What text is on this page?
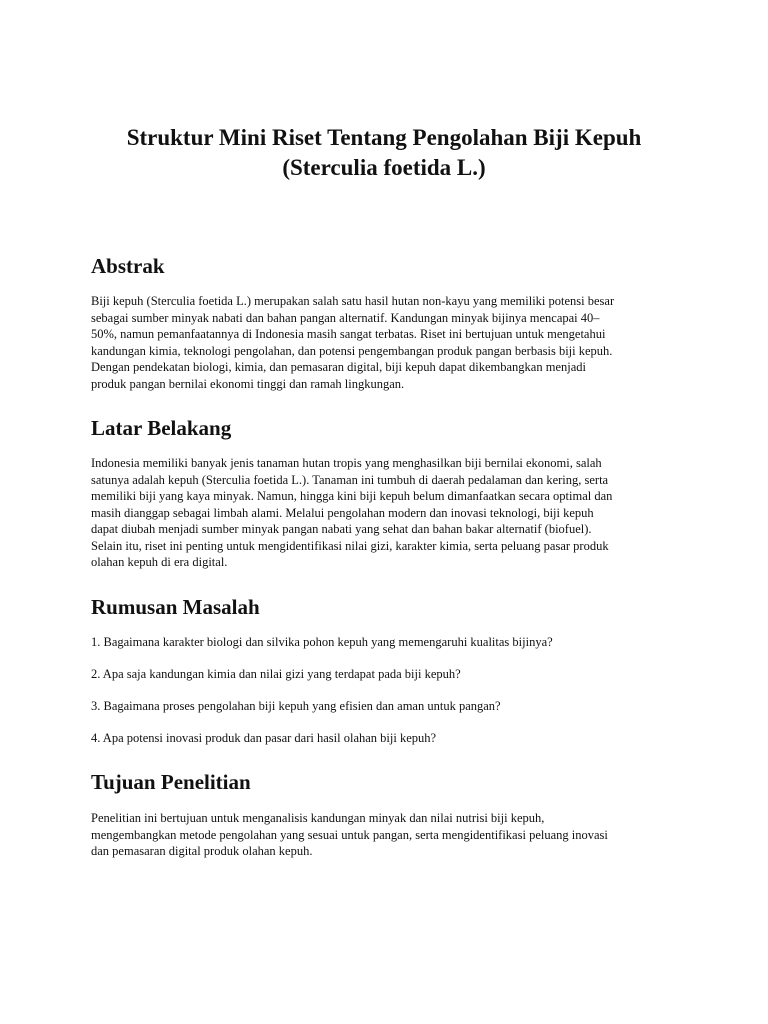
Struktur Mini Riset Tentang Pengolahan Biji Kepuh
(Sterculia foetida L.)
Abstrak
Biji kepuh (Sterculia foetida L.) merupakan salah satu hasil hutan non-kayu yang memiliki potensi besar
sebagai sumber minyak nabati dan bahan pangan alternatif. Kandungan minyak bijinya mencapai 40–
50%, namun pemanfaatannya di Indonesia masih sangat terbatas. Riset ini bertujuan untuk mengetahui
kandungan kimia, teknologi pengolahan, dan potensi pengembangan produk pangan berbasis biji kepuh.
Dengan pendekatan biologi, kimia, dan pemasaran digital, biji kepuh dapat dikembangkan menjadi
produk pangan bernilai ekonomi tinggi dan ramah lingkungan.
Latar Belakang
Indonesia memiliki banyak jenis tanaman hutan tropis yang menghasilkan biji bernilai ekonomi, salah
satunya adalah kepuh (Sterculia foetida L.). Tanaman ini tumbuh di daerah pedalaman dan kering, serta
memiliki biji yang kaya minyak. Namun, hingga kini biji kepuh belum dimanfaatkan secara optimal dan
masih dianggap sebagai limbah alami. Melalui pengolahan modern dan inovasi teknologi, biji kepuh
dapat diubah menjadi sumber minyak pangan nabati yang sehat dan bahan bakar alternatif (biofuel).
Selain itu, riset ini penting untuk mengidentifikasi nilai gizi, karakter kimia, serta peluang pasar produk
olahan kepuh di era digital.
Rumusan Masalah

1. Bagaimana karakter biologi dan silvika pohon kepuh yang memengaruhi kualitas bijinya?

2. Apa saja kandungan kimia dan nilai gizi yang terdapat pada biji kepuh?

3. Bagaimana proses pengolahan biji kepuh yang efisien dan aman untuk pangan?

4. Apa potensi inovasi produk dan pasar dari hasil olahan biji kepuh?

Tujuan Penelitian
Penelitian ini bertujuan untuk menganalisis kandungan minyak dan nilai nutrisi biji kepuh,
mengembangkan metode pengolahan yang sesuai untuk pangan, serta mengidentifikasi peluang inovasi
dan pemasaran digital produk olahan kepuh.
